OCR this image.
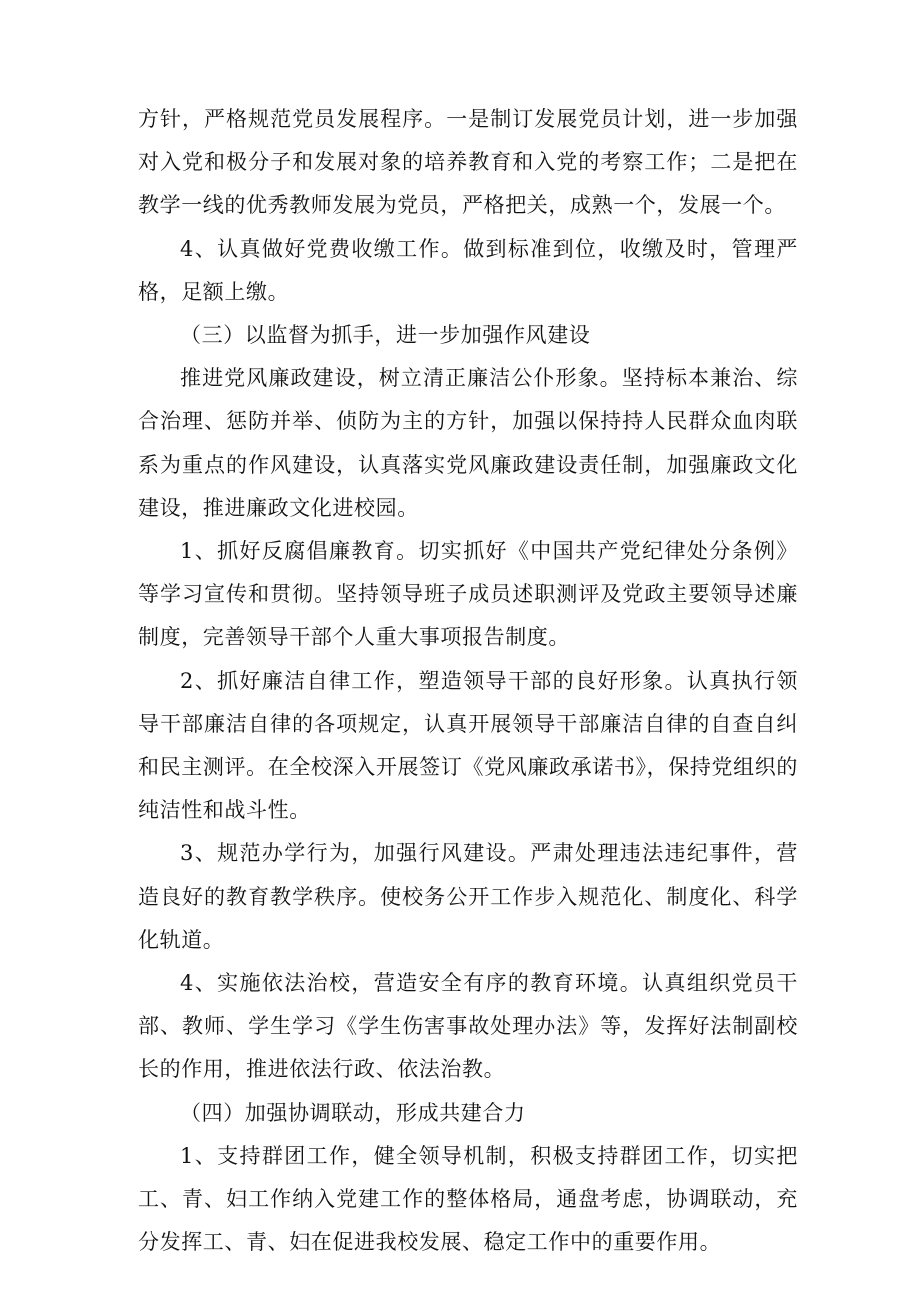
方针，严格规范党员发展程序。一是制订发展党员计划，进一步加强对入党和极分子和发展对象的培养教育和入党的考察工作；二是把在教学一线的优秀教师发展为党员，严格把关，成熟一个，发展一个。

4、认真做好党费收缴工作。做到标准到位，收缴及时，管理严格，足额上缴。

（三）以监督为抓手，进一步加强作风建设

推进党风廉政建设，树立清正廉洁公仆形象。坚持标本兼治、综合治理、惩防并举、侦防为主的方针，加强以保持持人民群众血肉联系为重点的作风建设，认真落实党风廉政建设责任制，加强廉政文化建设，推进廉政文化进校园。

1、抓好反腐倡廉教育。切实抓好《中国共产党纪律处分条例》等学习宣传和贯彻。坚持领导班子成员述职测评及党政主要领导述廉制度，完善领导干部个人重大事项报告制度。

2、抓好廉洁自律工作，塑造领导干部的良好形象。认真执行领导干部廉洁自律的各项规定，认真开展领导干部廉洁自律的自查自纠和民主测评。在全校深入开展签订《党风廉政承诺书》，保持党组织的纯洁性和战斗性。

3、规范办学行为，加强行风建设。严肃处理违法违纪事件，营造良好的教育教学秩序。使校务公开工作步入规范化、制度化、科学化轨道。

4、实施依法治校，营造安全有序的教育环境。认真组织党员干部、教师、学生学习《学生伤害事故处理办法》等，发挥好法制副校长的作用，推进依法行政、依法治教。

（四）加强协调联动，形成共建合力

1、支持群团工作，健全领导机制，积极支持群团工作，切实把工、青、妇工作纳入党建工作的整体格局，通盘考虑，协调联动，充分发挥工、青、妇在促进我校发展、稳定工作中的重要作用。
